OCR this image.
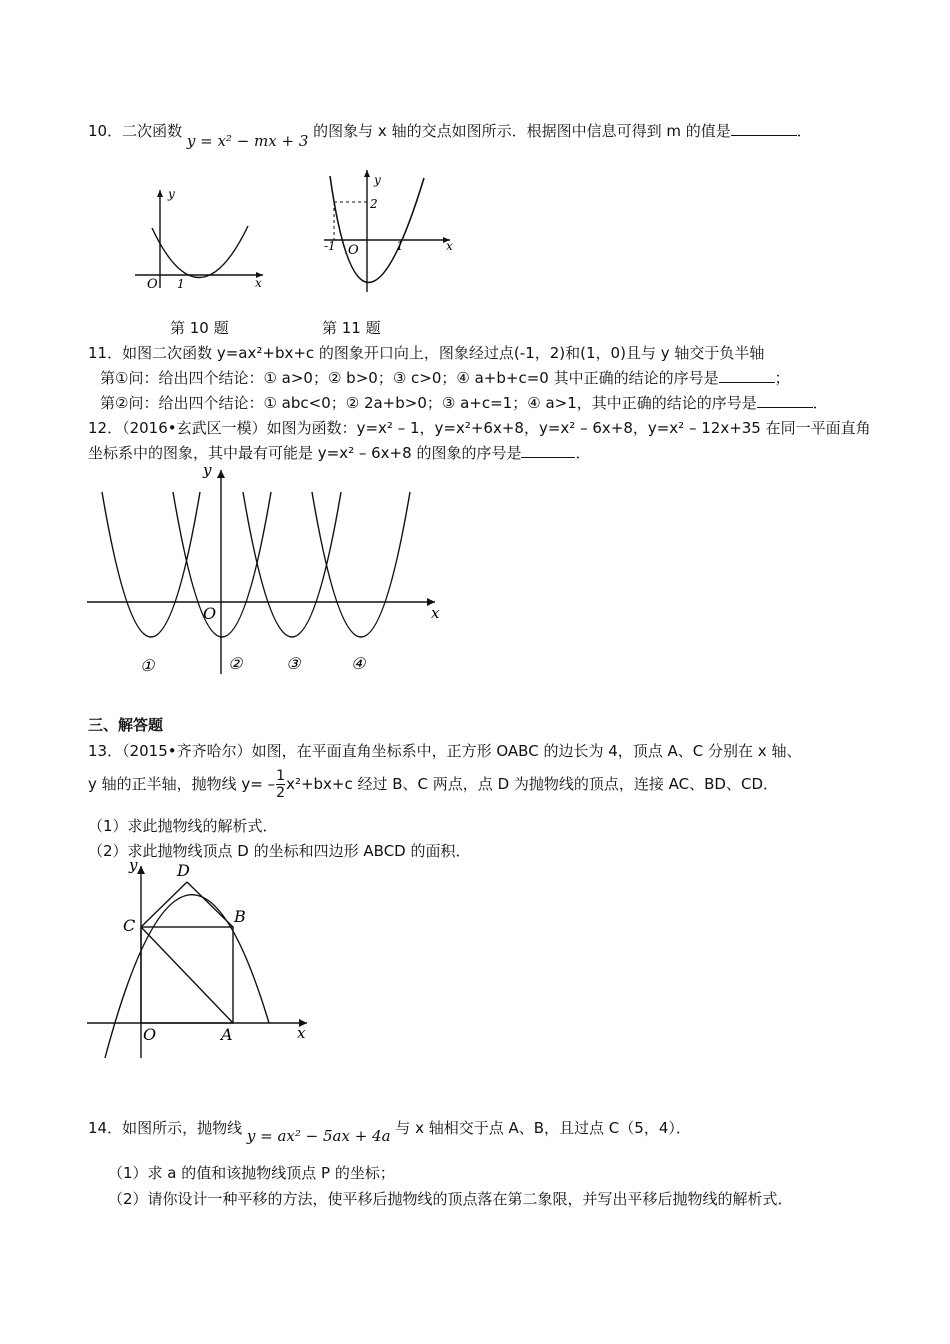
10．二次函数 y = x² − mx + 3 的图象与 x 轴的交点如图所示．根据图中信息可得到 m 的值是	．
y
x
O 1
第 10 题
y
x
O
2
-1	1
第 11 题
11．如图二次函数 y=ax²+bx+c 的图象开口向上，图象经过点(-1，2)和(1，0)且与 y 轴交于负半轴
第①问：给出四个结论：① a>0；② b>0；③ c>0；④ a+b+c=0 其中正确的结论的序号是	；
第②问：给出四个结论：① abc<0；② 2a+b>0；③ a+c=1；④ a>1，其中正确的结论的序号是	．
12．（2016•玄武区一模）如图为函数：y=x² – 1，y=x²+6x+8，y=x² – 6x+8，y=x² – 12x+35 在同一平面直角
坐标系中的图象，其中最有可能是 y=x² – 6x+8 的图象的序号是	．
y
x
O
①	②	③	④
三、解答题
13．（2015•齐齐哈尔）如图，在平面直角坐标系中，正方形 OABC 的边长为 4，顶点 A、C 分别在 x 轴、
y 轴的正半轴，抛物线 $y= - \frac{1}{2} x^2+bx+c$ 经过 B、C 两点，点 D 为抛物线的顶点，连接 AC、BD、CD．
（1）求此抛物线的解析式．
（2）求此抛物线顶点 D 的坐标和四边形 ABCD 的面积．
y
x
O	A
B
C
D
14．如图所示，抛物线 y = ax² − 5ax + 4a 与 x 轴相交于点 A、B，且过点 C（5，4）．
（1）求 a 的值和该抛物线顶点 P 的坐标；
（2）请你设计一种平移的方法，使平移后抛物线的顶点落在第二象限，并写出平移后抛物线的解析式．
